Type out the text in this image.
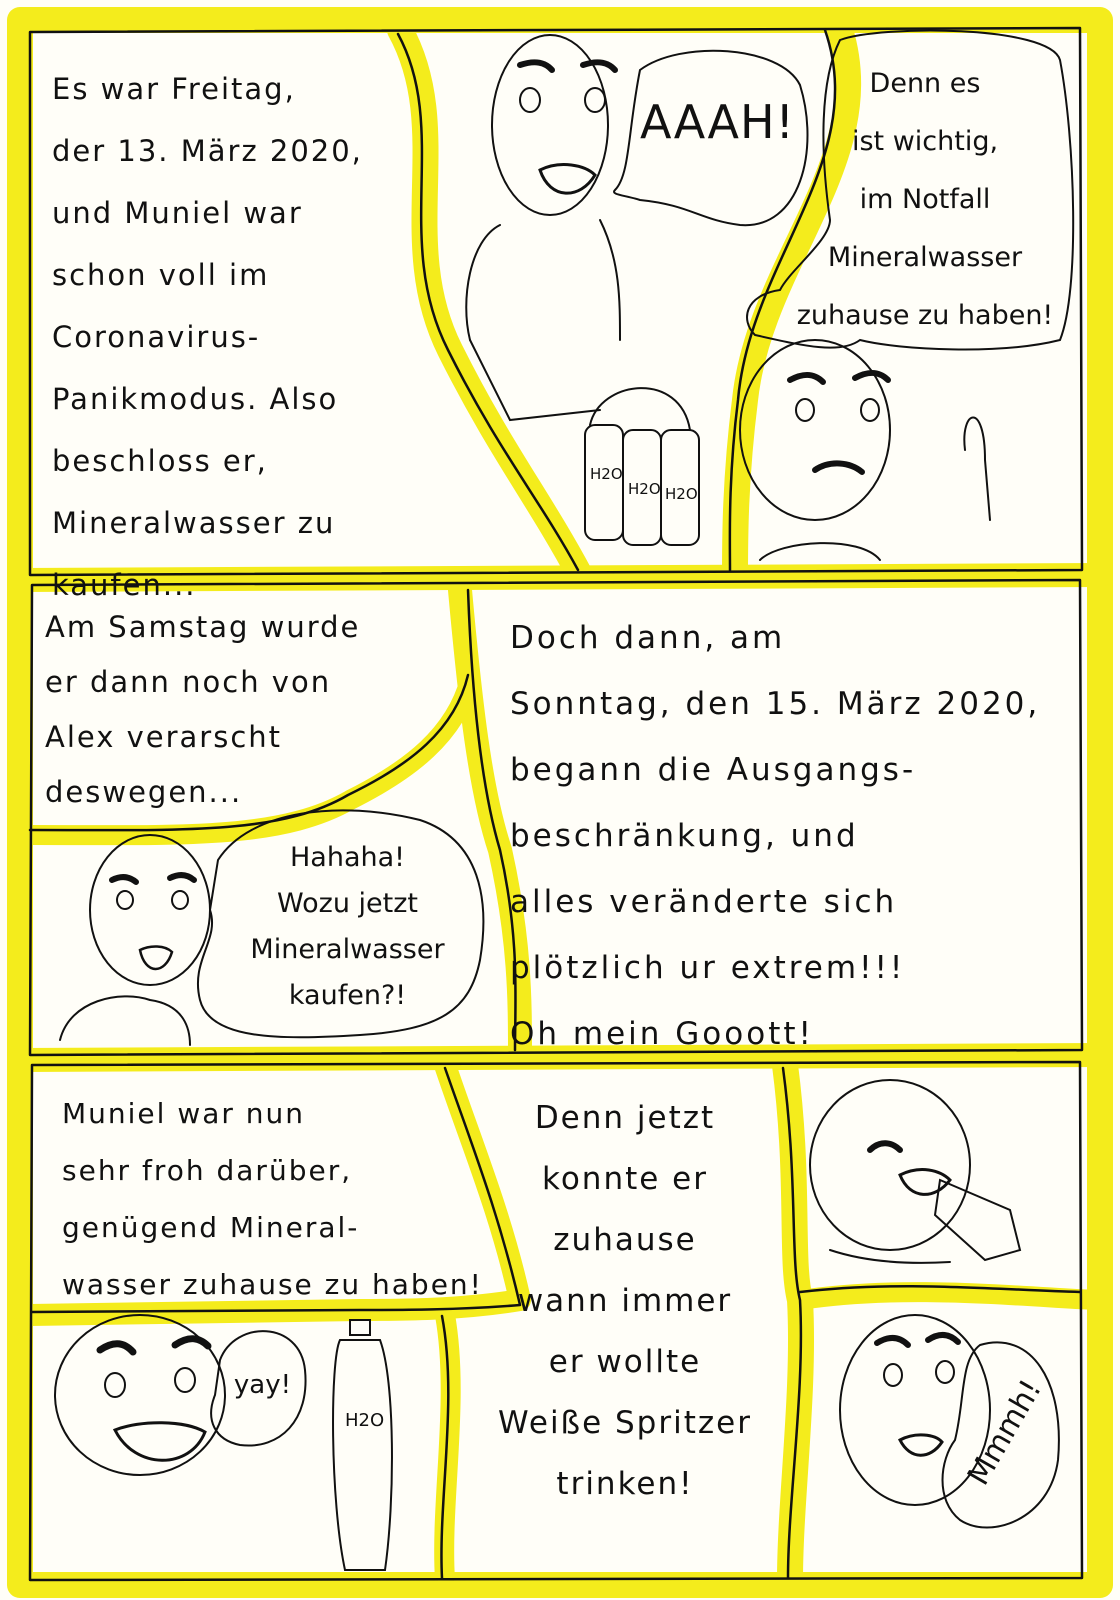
Es war Freitag,
der 13. März 2020,
und Muniel war
schon voll im
Coronavirus-
Panikmodus. Also
beschloss er,
Mineralwasser zu kaufen...
AAAH!
H2O
H2O H2O
Denn es
ist wichtig,
im Notfall
Mineralwasser
zuhause zu haben!
Am Samstag wurde
er dann noch von
Alex verarscht
deswegen...
Hahaha!
Wozu jetzt
Mineralwasser
kaufen?!
Doch dann, am
Sonntag, den 15. März 2020,
begann die Ausgangs-
beschränkung, und
alles veränderte sich
plötzlich ur extrem!!!
Oh mein Gooott!
Muniel war nun
sehr froh darüber,
genügend Mineral-
wasser zuhause zu haben!
yay!
H2O
Denn jetzt
konnte er
zuhause
wann immer
er wollte
Weiße Spritzer
trinken!	Mmmh!
